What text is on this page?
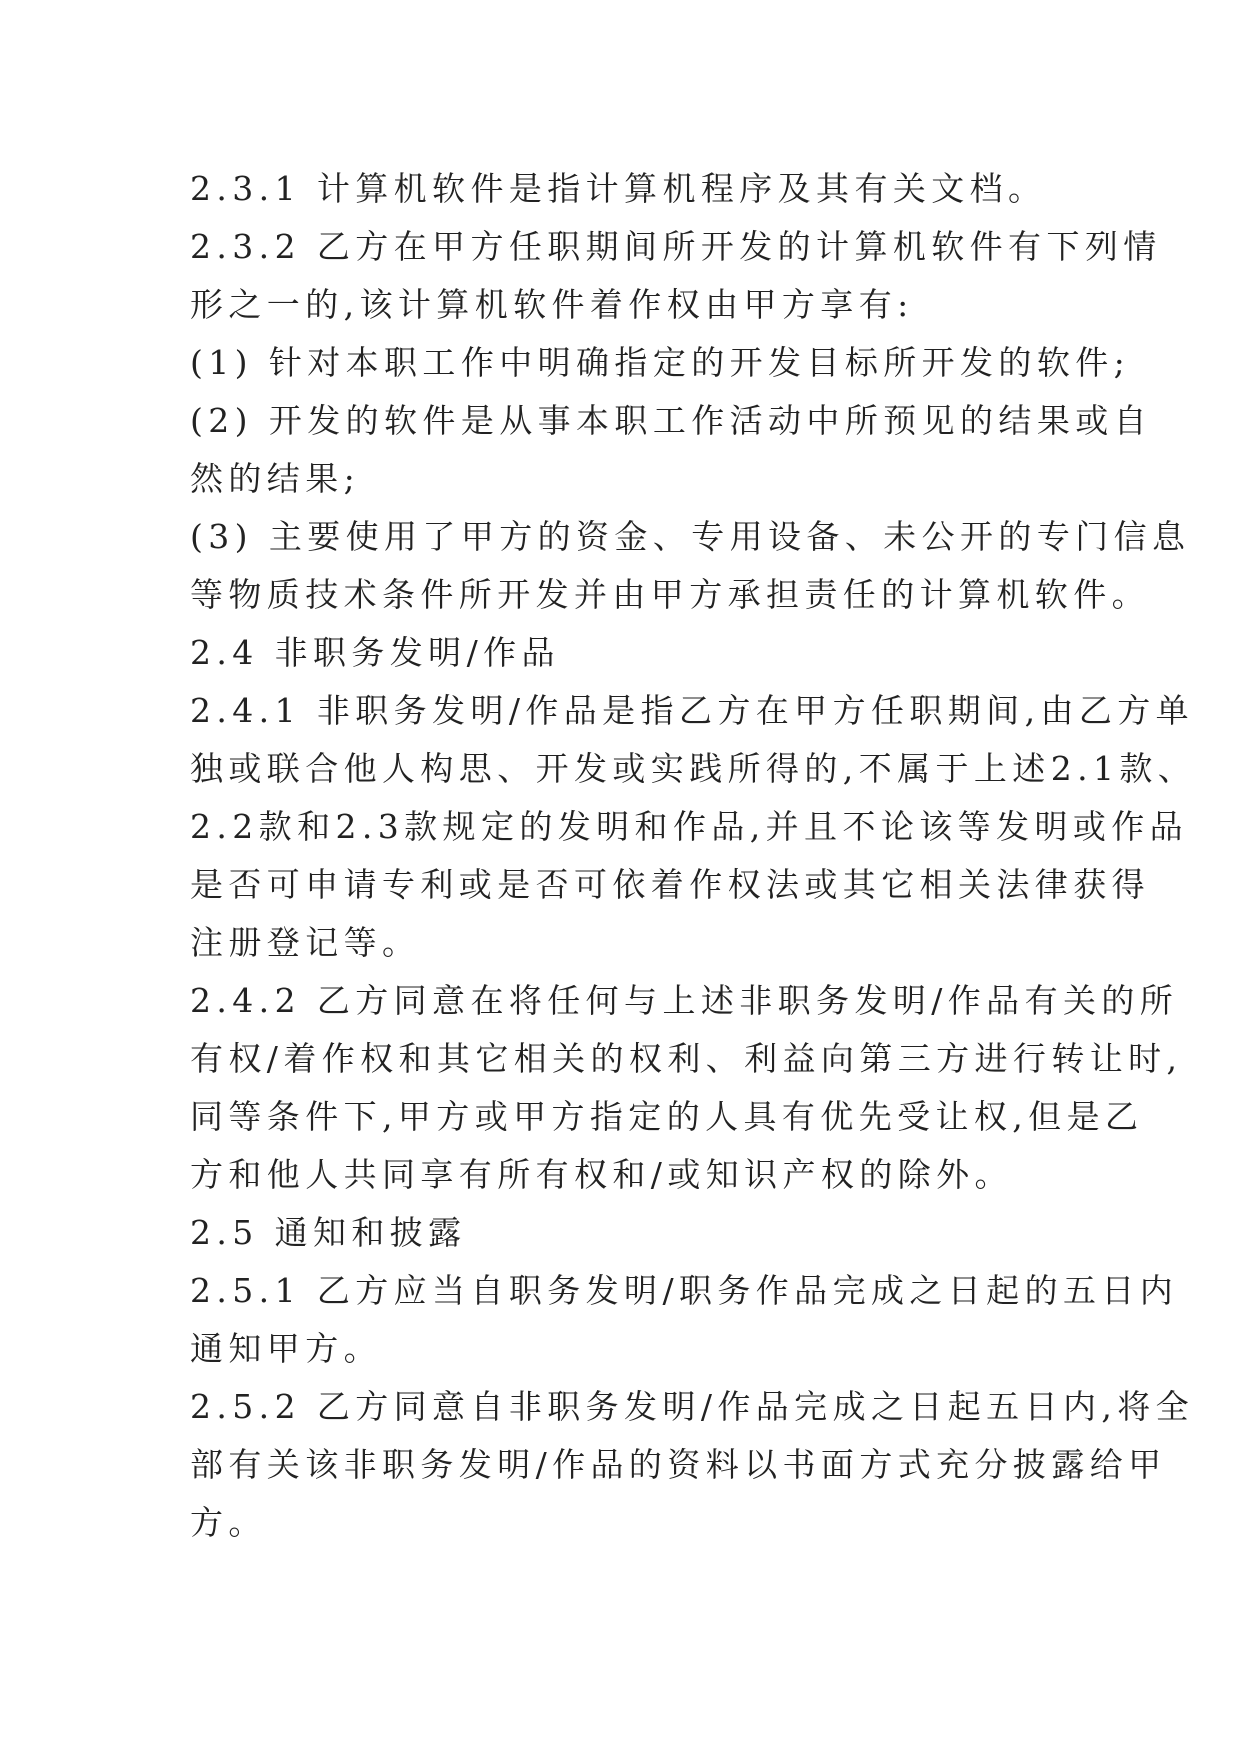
2.3.1 计算机软件是指计算机程序及其有关文档。
2.3.2 乙方在甲方任职期间所开发的计算机软件有下列情
形之一的,该计算机软件着作权由甲方享有:
(1) 针对本职工作中明确指定的开发目标所开发的软件;
(2) 开发的软件是从事本职工作活动中所预见的结果或自
然的结果;
(3) 主要使用了甲方的资金、专用设备、未公开的专门信息
等物质技术条件所开发并由甲方承担责任的计算机软件。
2.4 非职务发明/作品
2.4.1 非职务发明/作品是指乙方在甲方任职期间,由乙方单
独或联合他人构思、开发或实践所得的,不属于上述2.1款、
2.2款和2.3款规定的发明和作品,并且不论该等发明或作品
是否可申请专利或是否可依着作权法或其它相关法律获得
注册登记等。
2.4.2 乙方同意在将任何与上述非职务发明/作品有关的所
有权/着作权和其它相关的权利、利益向第三方进行转让时,
同等条件下,甲方或甲方指定的人具有优先受让权,但是乙
方和他人共同享有所有权和/或知识产权的除外。
2.5 通知和披露
2.5.1 乙方应当自职务发明/职务作品完成之日起的五日内
通知甲方。
2.5.2 乙方同意自非职务发明/作品完成之日起五日内,将全
部有关该非职务发明/作品的资料以书面方式充分披露给甲
方。
